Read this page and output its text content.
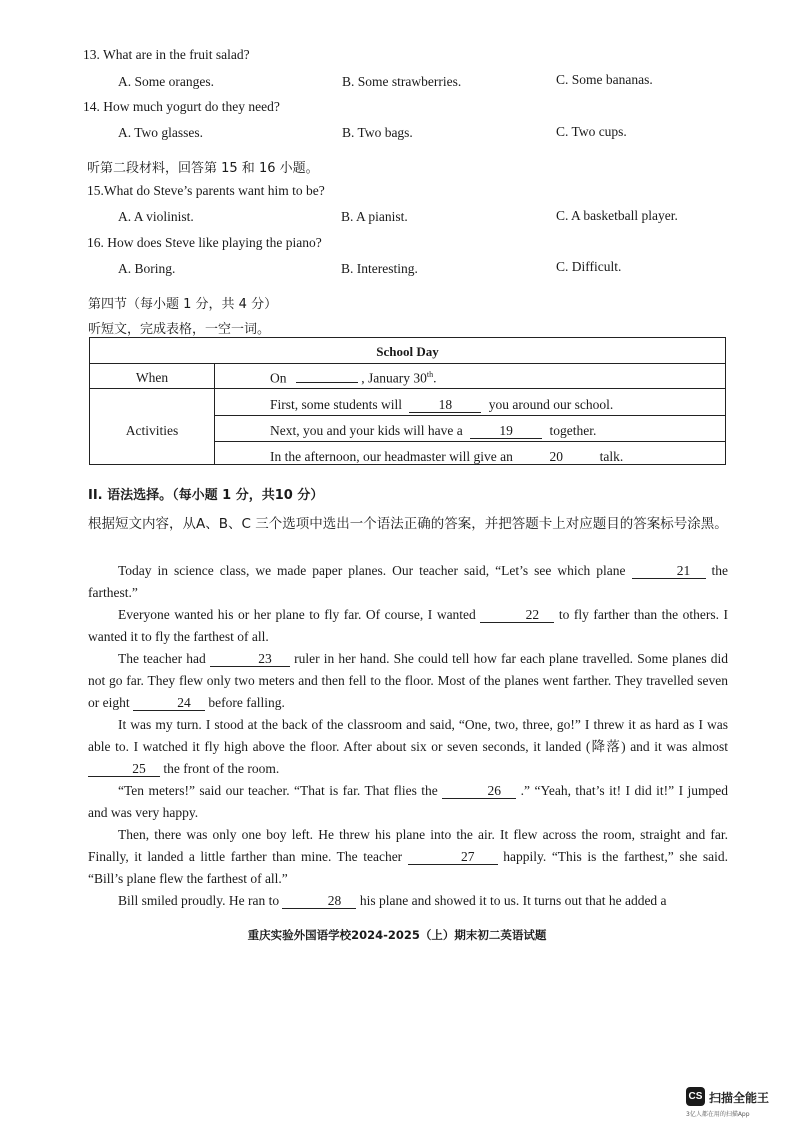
13. What are in the fruit salad?
A. Some oranges.	B. Some strawberries.	C. Some bananas.
14. How much yogurt do they need?
A. Two glasses.	B. Two bags.	C. Two cups.
听第二段材料，回答第 15 和 16 小题。
15.What do Steve’s parents want him to be?
A. A violinist.	B. A pianist.	C. A basketball player.
16. How does Steve like playing the piano?
A. Boring.	B. Interesting.	C. Difficult.
第四节（每小题 1 分，共 4 分）
听短文，完成表格，一空一词。
School Day
When	On	, January 30th.
Activities
First, some students will	18	you around our school.
Next, you and your kids will have a	19	together.
In the afternoon, our headmaster will give an	20	talk.
II. 语法选择。（每小题 1 分，共10 分）
根据短文内容，从A、B、C 三个选项中选出一个语法正确的答案，并把答题卡上对应题目的答案标号涂黑。
Today in science class, we made paper planes. Our teacher said, “Let’s see which plane	21 the farthest.”
Everyone wanted his or her plane to fly far. Of course, I wanted	22 to fly farther than the others. I wanted it to fly the farthest of all.
The teacher had	23 ruler in her hand. She could tell how far each plane travelled. Some planes did not go far. They flew only two meters and then fell to the floor. Most of the planes went farther. They travelled seven or eight	24 before falling.
It was my turn. I stood at the back of the classroom and said, “One, two, three, go!” I threw it as hard as I was able to. I watched it fly high above the floor. After about six or seven seconds, it landed (降落) and it was almost 25 the front of the room.
“Ten meters!” said our teacher. “That is far. That flies the	26 .” “Yeah, that’s it! I did it!” I jumped and was very happy.
Then, there was only one boy left. He threw his plane into the air. It flew across the room, straight and far. Finally, it landed a little farther than mine. The teacher	27 happily. “This is the farthest,” she said. “Bill’s plane flew the farthest of all.”
Bill smiled proudly. He ran to	28 his plane and showed it to us. It turns out that he added a
重庆实验外国语学校2024-2025（上）期末初二英语试题
CS 扫描全能王
3亿人都在用的扫描App
